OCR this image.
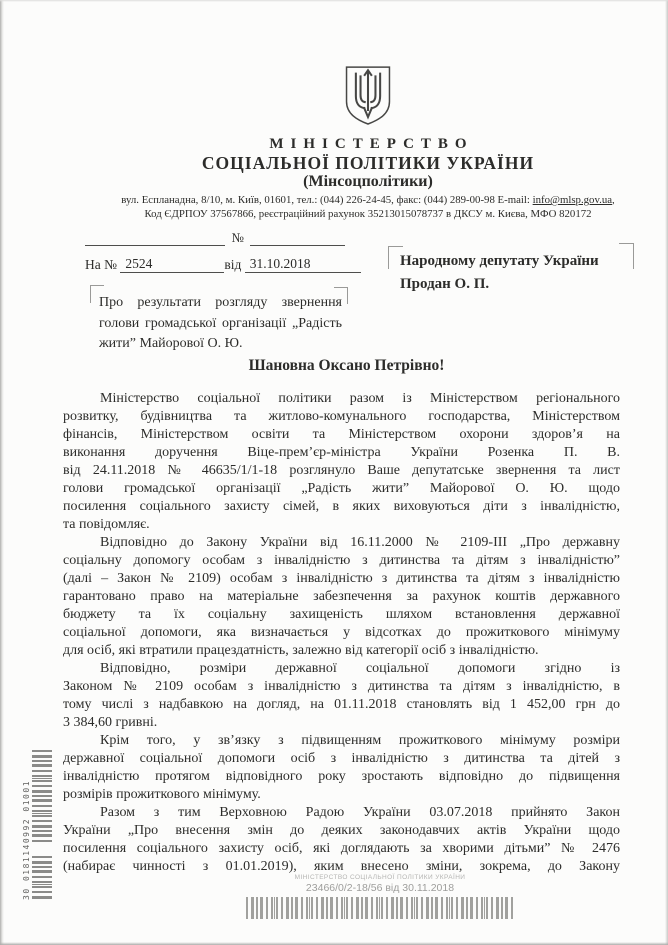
МІНІСТЕРСТВО
СОЦІАЛЬНОЇ ПОЛІТИКИ УКРАЇНИ
(Мінсоцполітики)
вул. Еспланадна, 8/10, м. Київ, 01601, тел.: (044) 226-24-45, факс: (044) 289-00-98 E-mail: info@mlsp.gov.ua,
Код ЄДРПОУ 37567866, реєстраційний рахунок 35213015078737 в ДКСУ м. Києва, МФО 820172
№
На № 2524	від 31.10.2018	Народному депутату України
Продан О. П.
Про результати розгляду звернення
голови громадської організації „Радість
жити” Майорової О. Ю.
Шановна Оксано Петрівно!
Міністерство соціальної політики разом із Міністерством регіонального
розвитку, будівництва та житлово-комунального господарства, Міністерством
фінансів, Міністерством освіти та Міністерством охорони здоров’я на
виконання доручення Віце-прем’єр-міністра України Розенка П. В.
від 24.11.2018 № 46635/1/1-18 розглянуло Ваше депутатське звернення та лист
голови громадської організації „Радість жити” Майорової О. Ю. щодо
посилення соціального захисту сімей, в яких виховуються діти з інвалідністю,
та повідомляє.
Відповідно до Закону України від 16.11.2000 № 2109-ІІІ „Про державну
соціальну допомогу особам з інвалідністю з дитинства та дітям з інвалідністю”
(далі – Закон № 2109) особам з інвалідністю з дитинства та дітям з інвалідністю
гарантовано право на матеріальне забезпечення за рахунок коштів державного
бюджету та їх соціальну захищеність шляхом встановлення державної
соціальної допомоги, яка визначається у відсотках до прожиткового мінімуму
для осіб, які втратили працездатність, залежно від категорії осіб з інвалідністю.
Відповідно, розміри державної соціальної допомоги згідно із
Законом № 2109 особам з інвалідністю з дитинства та дітям з інвалідністю, в
тому числі з надбавкою на догляд, на 01.11.2018 становлять від 1 452,00 грн до
3 384,60 гривні.
Крім того, у зв’язку з підвищенням прожиткового мінімуму розміри
державної соціальної допомоги осіб з інвалідністю з дитинства та дітей з
інвалідністю протягом відповідного року зростають відповідно до підвищення
розмірів прожиткового мінімуму.
Разом з тим Верховною Радою України 03.07.2018 прийнято Закон
України „Про внесення змін до деяких законодавчих актів України щодо
посилення соціального захисту осіб, які доглядають за хворими дітьми” № 2476
(набирає чинності з 01.01.2019), яким внесено зміни, зокрема, до Закону
МІНІСТЕРСТВО СОЦІАЛЬНОЇ ПОЛІТИКИ УКРАЇНИ
23466/0/2-18/56 від 30.11.2018
30 0181140992 01001
